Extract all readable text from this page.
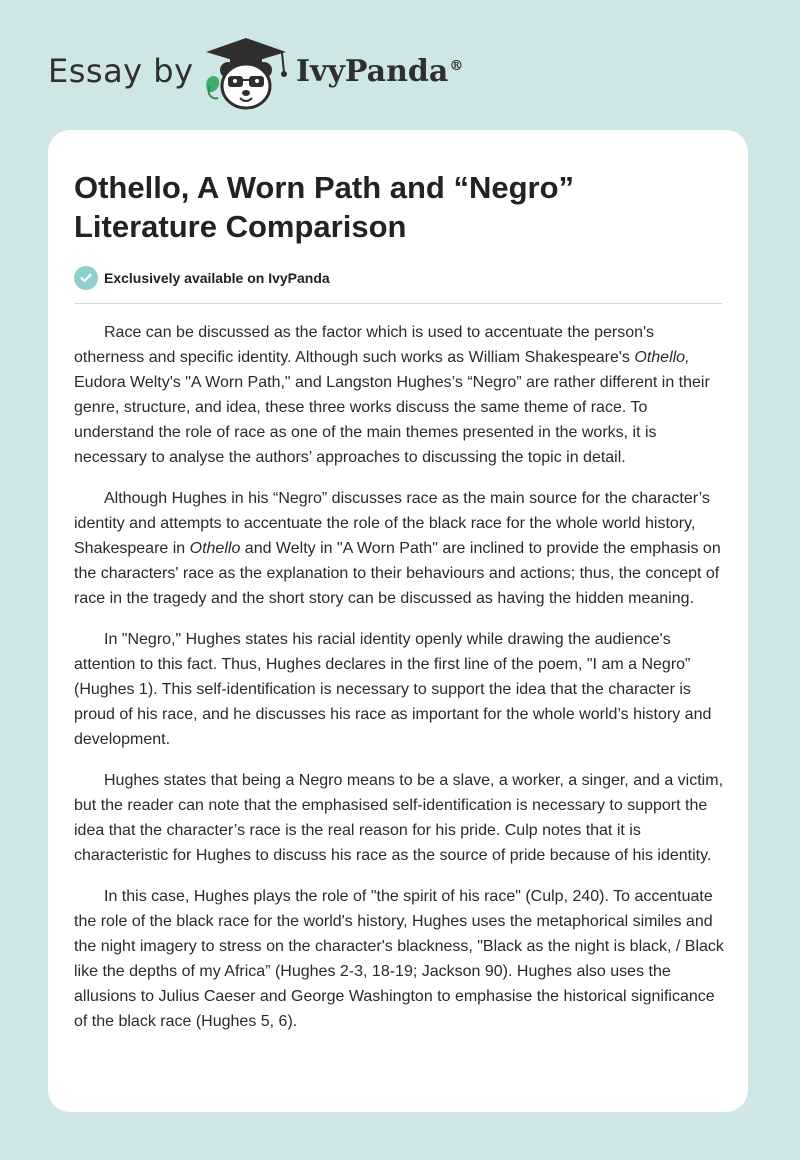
Essay by	IvyPanda®
Othello, A Worn Path and “Negro” Literature Comparison
Exclusively available on IvyPanda

Race can be discussed as the factor which is used to accentuate the person's otherness and specific identity. Although such works as William Shakespeare's Othello, Eudora Welty's "A Worn Path," and Langston Hughes’s “Negro” are rather different in their genre, structure, and idea, these three works discuss the same theme of race. To understand the role of race as one of the main themes presented in the works, it is necessary to analyse the authors’ approaches to discussing the topic in detail.

Although Hughes in his “Negro” discusses race as the main source for the character’s identity and attempts to accentuate the role of the black race for the whole world history, Shakespeare in Othello and Welty in "A Worn Path" are inclined to provide the emphasis on the characters' race as the explanation to their behaviours and actions; thus, the concept of race in the tragedy and the short story can be discussed as having the hidden meaning.

In "Negro," Hughes states his racial identity openly while drawing the audience's attention to this fact. Thus, Hughes declares in the first line of the poem, "I am a Negro” (Hughes 1). This self-identification is necessary to support the idea that the character is proud of his race, and he discusses his race as important for the whole world’s history and development.

Hughes states that being a Negro means to be a slave, a worker, a singer, and a victim, but the reader can note that the emphasised self-identification is necessary to support the idea that the character’s race is the real reason for his pride. Culp notes that it is characteristic for Hughes to discuss his race as the source of pride because of his identity.

In this case, Hughes plays the role of "the spirit of his race" (Culp, 240). To accentuate the role of the black race for the world's history, Hughes uses the metaphorical similes and the night imagery to stress on the character's blackness, "Black as the night is black, / Black like the depths of my Africa” (Hughes 2-3, 18-19; Jackson 90). Hughes also uses the allusions to Julius Caeser and George Washington to emphasise the historical significance of the black race (Hughes 5, 6).
